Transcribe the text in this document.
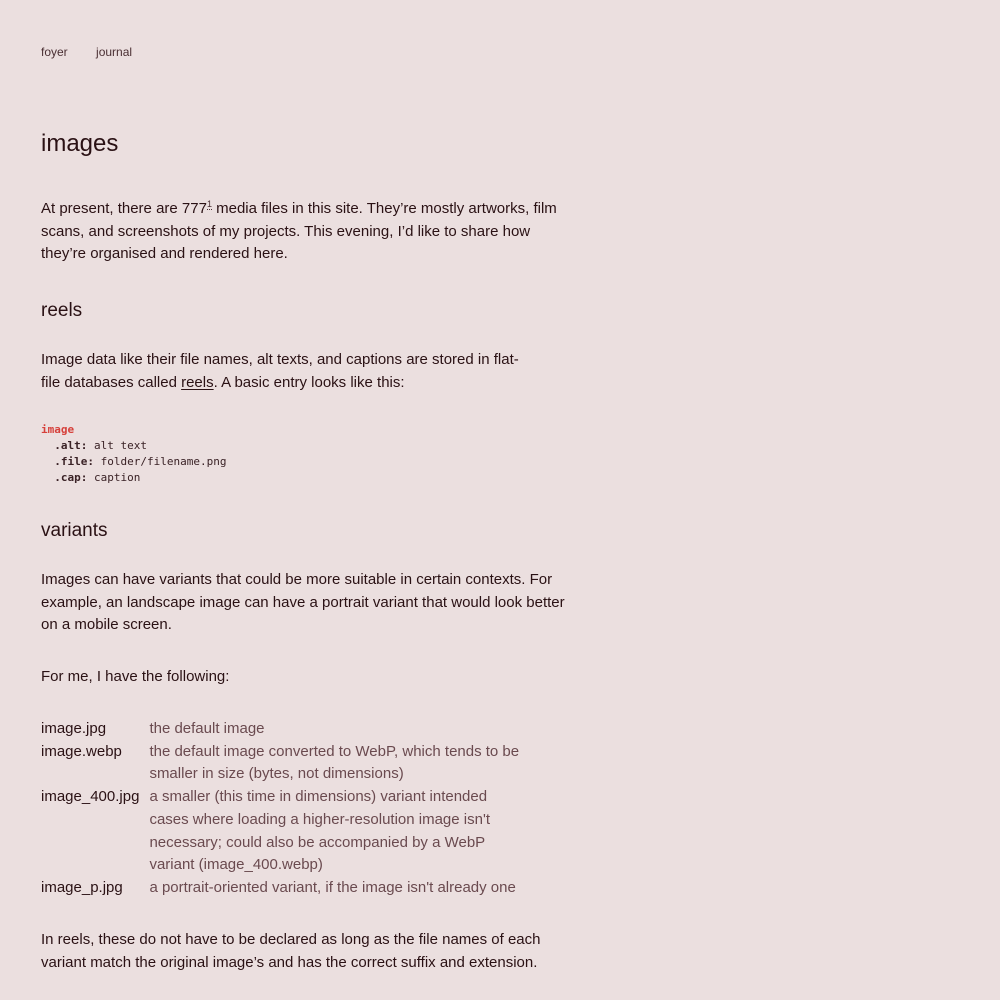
foyer journal
images

At present, there are 777$^1$ media files in this site. They’re mostly artworks, film scans, and screenshots of my projects. This evening, I’d like to share how they’re organised and rendered here.

reels

Image data like their file names, alt texts, and captions are stored in flat-file databases called reels. A basic entry looks like this:

image
.alt: alt text
.file: folder/filename.png
.cap: caption
variants

Images can have variants that could be more suitable in certain contexts. For example, an landscape image can have a portrait variant that would look better on a mobile screen.

For me, I have the following:

image.jpg	the default image
image.webp	the default image converted to WebP, which tends to be smaller in size (bytes, not dimensions)
image_400.jpg	a smaller (this time in dimensions) variant intended cases where loading a higher-resolution image isn't necessary; could also be accompanied by a WebP variant (image_400.webp)
image_p.jpg	a portrait-oriented variant, if the image isn't already one

In reels, these do not have to be declared as long as the file names of each variant match the original image’s and has the correct suffix and extension.
